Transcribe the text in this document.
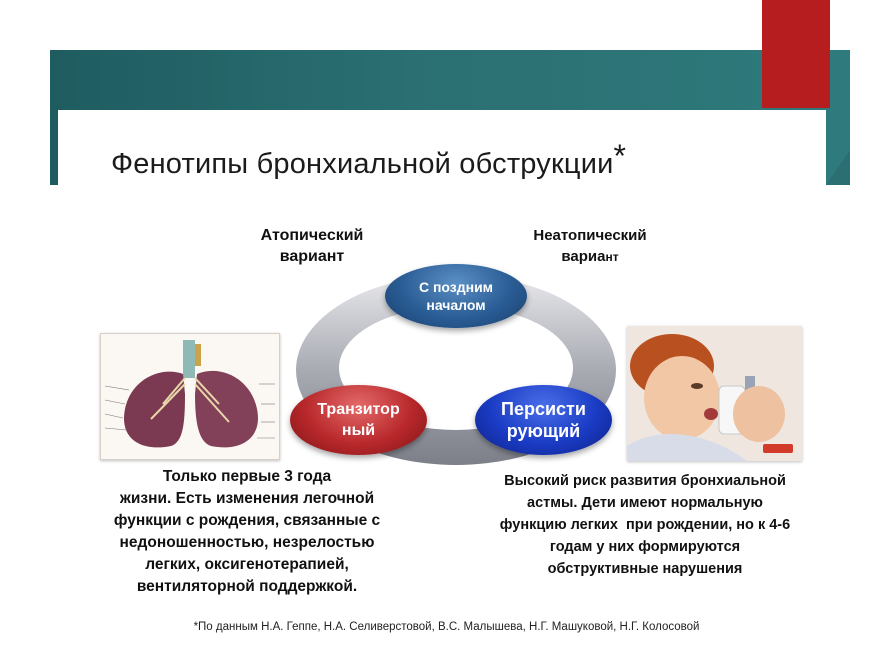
Фенотипы бронхиальной обструкции*
Атопический
вариант
Неатопический
вариант
С поздним
началом
Транзитор
ный
Персисти
рующий
Только первые 3 года
жизни. Есть изменения легочной
функции с рождения, связанные с
недоношенностью, незрелостью
легких, оксигенотерапией,
вентиляторной поддержкой.
Высокий риск развития бронхиальной
астмы. Дети имеют нормальную
функцию легких  при рождении, но к 4-6
годам у них формируются
обструктивные нарушения
*По данным Н.А. Геппе, Н.А. Селиверстовой, В.С. Малышева, Н.Г. Машуковой, Н.Г. Колосовой
